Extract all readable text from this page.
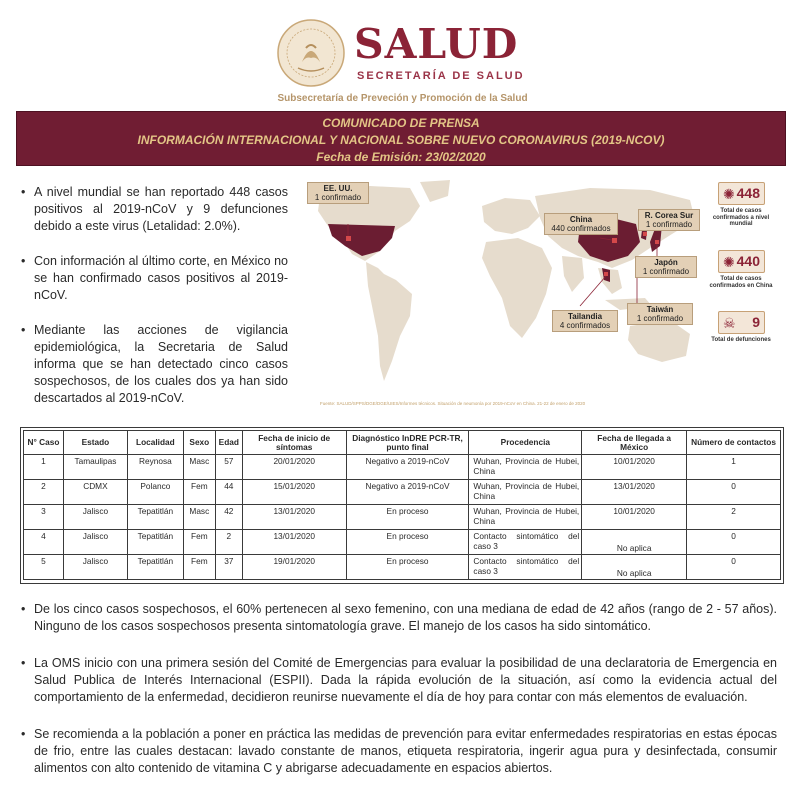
SALUD
SECRETARÍA DE SALUD
Subsecretaría de Preveción y Promoción de la Salud
COMUNICADO DE PRENSA
INFORMACIÓN INTERNACIONAL Y NACIONAL SOBRE NUEVO CORONAVIRUS (2019-NCOV)
Fecha de Emisión: 23/02/2020
• A nivel mundial se han reportado 448 casos positivos al 2019-nCoV y 9 defunciones debido a este virus (Letalidad: 2.0%).
• Con información al último corte, en México no se han confirmado casos positivos al 2019-nCoV.
• Mediante las acciones de vigilancia epidemiológica, la Secretaria de Salud informa que se han detectado cinco casos sospechosos, de los cuales dos ya han sido descartados al 2019-nCoV.
EE. UU.
1 confirmado
China
440 confirmados
R. Corea Sur
1 confirmado
Japón
1 confirmado
Taiwán
1 confirmado
Tailandia
4 confirmados
Fuente: SALUD/SPPS/DGE/DGE/UIES/Informes técnicos. Situación de neumonía por 2019-nCoV en China. 21-22 de enero de 2020
✺ 448
Total de casos confirmados a nivel mundial
✺ 440
Total de casos confirmados en China
☠ 9
Total de defunciones
N° Caso	Estado	Localidad	Sexo	Edad	Fecha de inicio de síntomas	Diagnóstico InDRE PCR-TR, punto final	Procedencia	Fecha de llegada a México	Número de contactos
1	Tamaulipas	Reynosa	Masc	57	20/01/2020	Negativo a 2019-nCoV	Wuhan, Provincia de Hubei, China	10/01/2020	1
2	CDMX	Polanco	Fem	44	15/01/2020	Negativo a 2019-nCoV	Wuhan, Provincia de Hubei, China	13/01/2020	0
3	Jalisco	Tepatitlán	Masc	42	13/01/2020	En proceso	Wuhan, Provincia de Hubei, China	10/01/2020	2
4	Jalisco	Tepatitlán	Fem	2	13/01/2020	En proceso	Contacto sintomático del caso 3	No aplica	0
5	Jalisco	Tepatitlán	Fem	37	19/01/2020	En proceso	Contacto sintomático del caso 3	No aplica	0
• De los cinco casos sospechosos, el 60% pertenecen al sexo femenino, con una mediana de edad de 42 años (rango de 2 - 57 años). Ninguno de los casos sospechosos presenta sintomatología grave. El manejo de los casos ha sido sintomático.
• La OMS inicio con una primera sesión del Comité de Emergencias para evaluar la posibilidad de una declaratoria de Emergencia en Salud Publica de Interés Internacional (ESPII). Dada la rápida evolución de la situación, así como la evidencia actual del comportamiento de la enfermedad, decidieron reunirse nuevamente el día de hoy para contar con más elementos de evaluación.
• Se recomienda a la población a poner en práctica las medidas de prevención para evitar enfermedades respiratorias en estas épocas de frio, entre las cuales destacan: lavado constante de manos, etiqueta respiratoria, ingerir agua pura y desinfectada, consumir alimentos con alto contenido de vitamina C y abrigarse adecuadamente en espacios abiertos.
